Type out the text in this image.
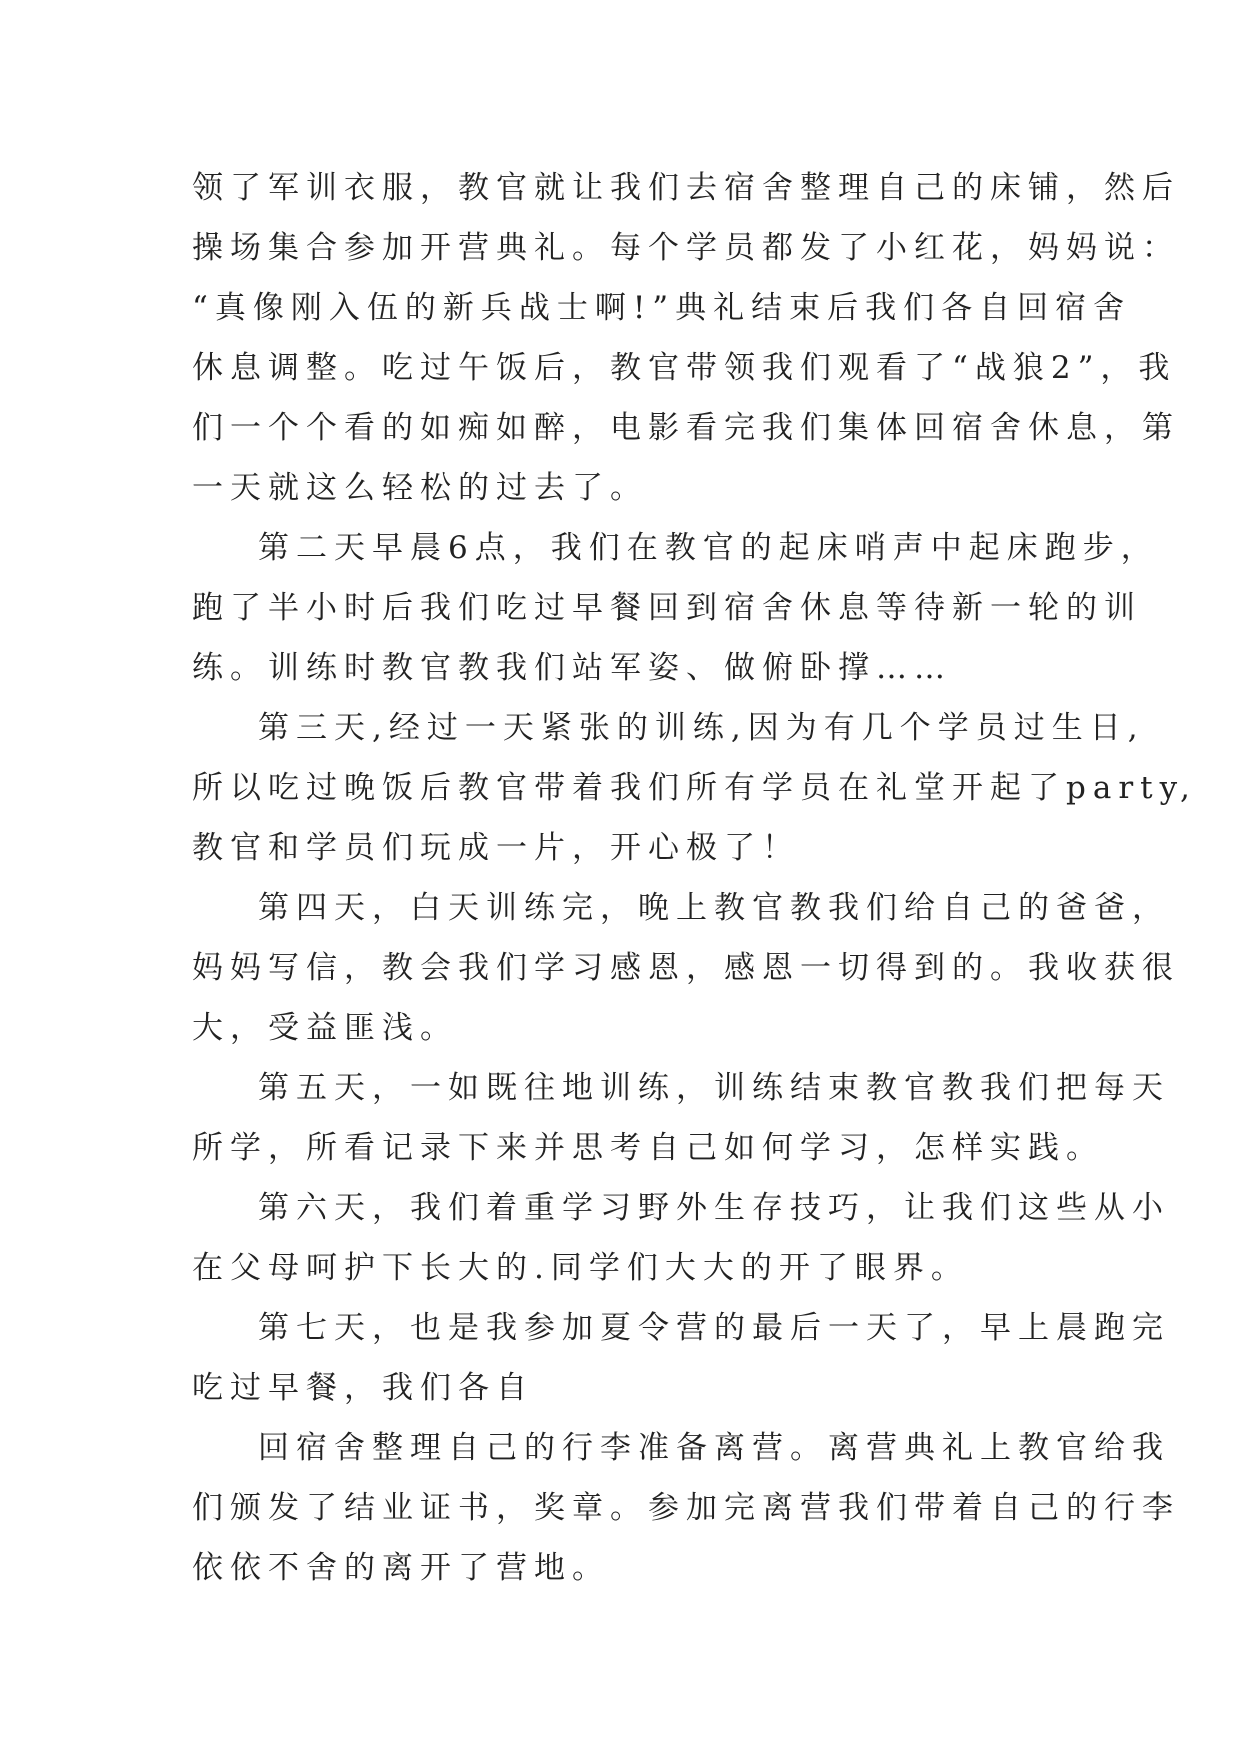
领了军训衣服，教官就让我们去宿舍整理自己的床铺，然后
操场集合参加开营典礼。每个学员都发了小红花，妈妈说：
“真像刚入伍的新兵战士啊!”典礼结束后我们各自回宿舍
休息调整。吃过午饭后，教官带领我们观看了“战狼2”，我
们一个个看的如痴如醉，电影看完我们集体回宿舍休息，第
一天就这么轻松的过去了。
第二天早晨6点，我们在教官的起床哨声中起床跑步，
跑了半小时后我们吃过早餐回到宿舍休息等待新一轮的训
练。训练时教官教我们站军姿、做俯卧撑……
第三天,经过一天紧张的训练,因为有几个学员过生日,
所以吃过晚饭后教官带着我们所有学员在礼堂开起了party,
教官和学员们玩成一片，开心极了！
第四天，白天训练完，晚上教官教我们给自己的爸爸，
妈妈写信，教会我们学习感恩，感恩一切得到的。我收获很
大，受益匪浅。
第五天，一如既往地训练，训练结束教官教我们把每天
所学，所看记录下来并思考自己如何学习，怎样实践。
第六天，我们着重学习野外生存技巧，让我们这些从小
在父母呵护下长大的.同学们大大的开了眼界。
第七天，也是我参加夏令营的最后一天了，早上晨跑完
吃过早餐，我们各自
回宿舍整理自己的行李准备离营。离营典礼上教官给我
们颁发了结业证书，奖章。参加完离营我们带着自己的行李
依依不舍的离开了营地。
